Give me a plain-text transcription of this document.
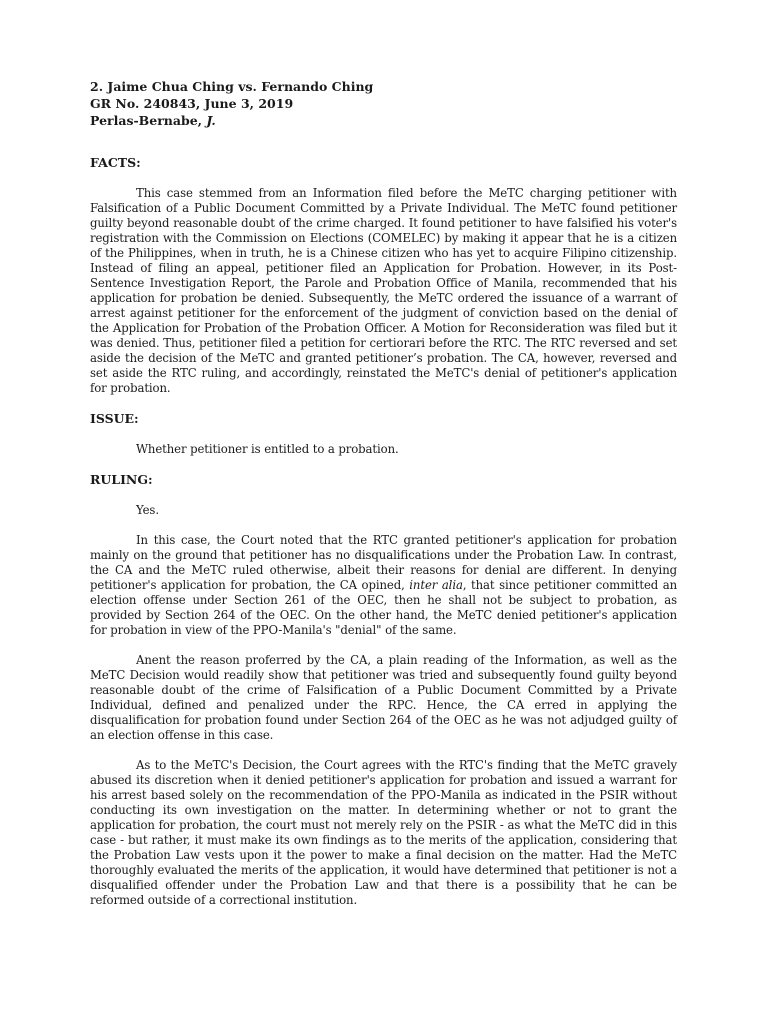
2. Jaime Chua Ching vs. Fernando Ching

GR No. 240843, June 3, 2019

Perlas-Bernabe, J.

FACTS:

This case stemmed from an Information filed before the MeTC charging petitioner with Falsification of a Public Document Committed by a Private Individual. The MeTC found petitioner guilty beyond reasonable doubt of the crime charged. It found petitioner to have falsified his voter's registration with the Commission on Elections (COMELEC) by making it appear that he is a citizen of the Philippines, when in truth, he is a Chinese citizen who has yet to acquire Filipino citizenship. Instead of filing an appeal, petitioner filed an Application for Probation. However, in its Post-Sentence Investigation Report, the Parole and Probation Office of Manila, recommended that his application for probation be denied. Subsequently, the MeTC ordered the issuance of a warrant of arrest against petitioner for the enforcement of the judgment of conviction based on the denial of the Application for Probation of the Probation Officer. A Motion for Reconsideration was filed but it was denied. Thus, petitioner filed a petition for certiorari before the RTC. The RTC reversed and set aside the decision of the MeTC and granted petitioner’s probation. The CA, however, reversed and set aside the RTC ruling, and accordingly, reinstated the MeTC's denial of petitioner's application for probation.

ISSUE:

Whether petitioner is entitled to a probation.

RULING:

Yes.

In this case, the Court noted that the RTC granted petitioner's application for probation mainly on the ground that petitioner has no disqualifications under the Probation Law. In contrast, the CA and the MeTC ruled otherwise, albeit their reasons for denial are different. In denying petitioner's application for probation, the CA opined, inter alia, that since petitioner committed an election offense under Section 261 of the OEC, then he shall not be subject to probation, as provided by Section 264 of the OEC. On the other hand, the MeTC denied petitioner's application for probation in view of the PPO-Manila's "denial" of the same.

Anent the reason proferred by the CA, a plain reading of the Information, as well as the MeTC Decision would readily show that petitioner was tried and subsequently found guilty beyond reasonable doubt of the crime of Falsification of a Public Document Committed by a Private Individual, defined and penalized under the RPC. Hence, the CA erred in applying the disqualification for probation found under Section 264 of the OEC as he was not adjudged guilty of an election offense in this case.

As to the MeTC's Decision, the Court agrees with the RTC's finding that the MeTC gravely abused its discretion when it denied petitioner's application for probation and issued a warrant for his arrest based solely on the recommendation of the PPO-Manila as indicated in the PSIR without conducting its own investigation on the matter. In determining whether or not to grant the application for probation, the court must not merely rely on the PSIR - as what the MeTC did in this case - but rather, it must make its own findings as to the merits of the application, considering that the Probation Law vests upon it the power to make a final decision on the matter. Had the MeTC thoroughly evaluated the merits of the application, it would have determined that petitioner is not a disqualified offender under the Probation Law and that there is a possibility that he can be reformed outside of a correctional institution.
